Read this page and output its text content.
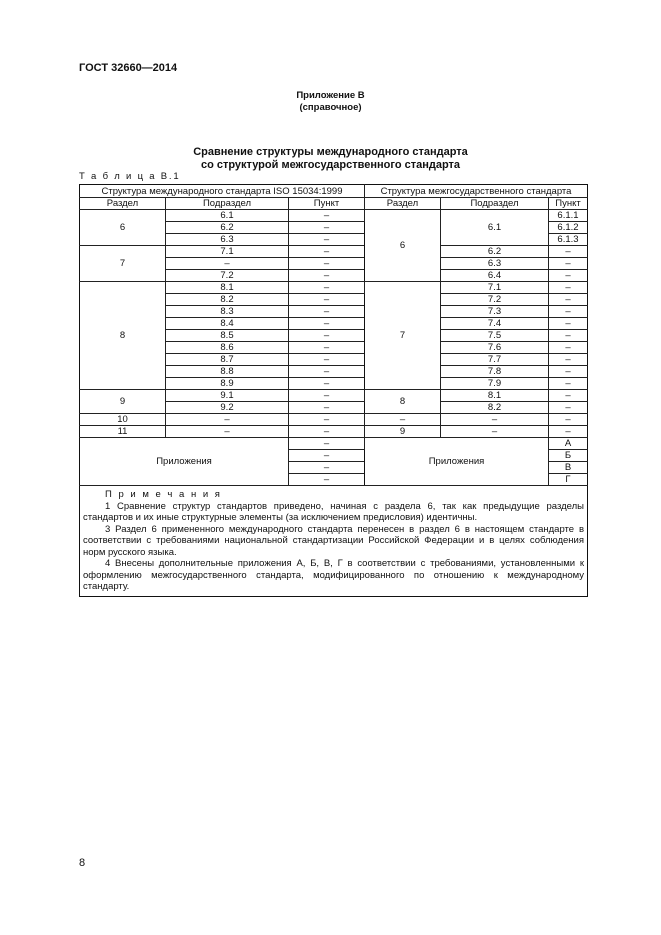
ГОСТ 32660—2014
Приложение В
(справочное)
Сравнение структуры международного стандарта
со структурой межгосударственного стандарта
Т а б л и ц а В.1
Структура международного стандарта ISO 15034:1999			Структура межгосударственного стандарта		
Раздел	Подраздел	Пункт	Раздел	Подраздел	Пункт
6	6.1	–	6	6.1	6.1.1
	6.2	–			6.1.2
	6.3	–			6.1.3
7	7.1	–		6.2	–
	–	–		6.3	–
	7.2	–		6.4	–
8	8.1	–	7	7.1	–
	8.2	–		7.2	–
	8.3	–		7.3	–
	8.4	–		7.4	–
	8.5	–		7.5	–
	8.6	–		7.6	–
	8.7	–		7.7	–
	8.8	–		7.8	–
	8.9	–		7.9	–
9	9.1	–	8	8.1	–
	9.2	–		8.2	–
10	–	–	–	–	–
11	–	–	9	–	–
Приложения		–	Приложения		А
		–			Б
		–			В
		–			Г

П р и м е ч а н и я

1 Сравнение структур стандартов приведено, начиная с раздела 6, так как предыдущие разделы стандартов и их иные структурные элементы (за исключением предисловия) идентичны.

3 Раздел 6 примененного международного стандарта перенесен в раздел 6 в настоящем стандарте в соответствии с требованиями национальной стандартизации Российской Федерации и в целях соблюдения норм русского языка.

4 Внесены дополнительные приложения А, Б, В, Г в соответствии с требованиями, установленными к оформлению межгосударственного стандарта, модифицированного по отношению к международному стандарту.					

8
